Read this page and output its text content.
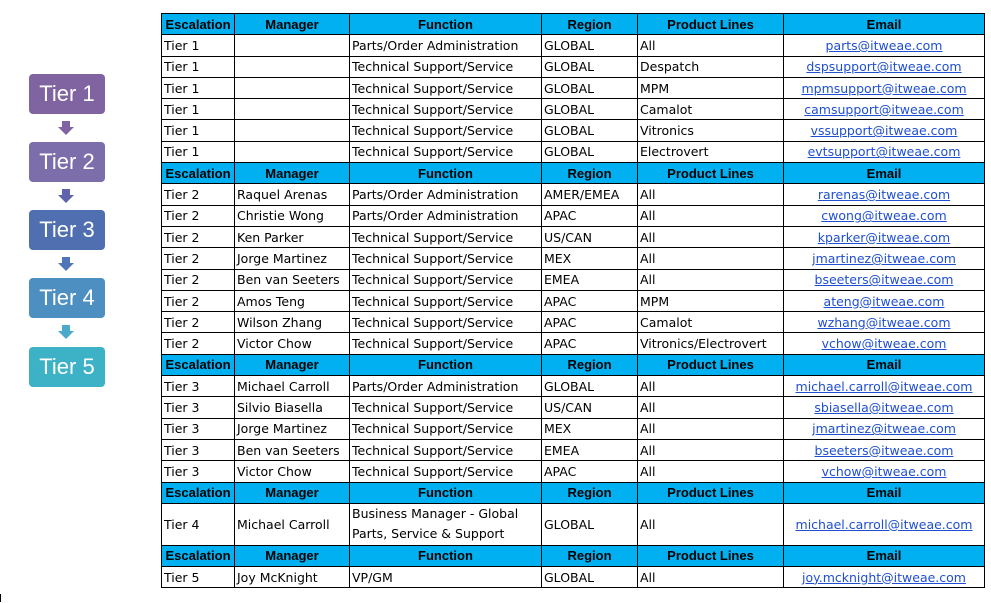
Tier 1
Tier 2
Tier 3
Tier 4
Tier 5
Escalation	Manager	Function	Region	Product Lines	Email
Tier 1		Parts/Order Administration	GLOBAL	All	parts@itweae.com
Tier 1		Technical Support/Service	GLOBAL	Despatch	dspsupport@itweae.com
Tier 1		Technical Support/Service	GLOBAL	MPM	mpmsupport@itweae.com
Tier 1		Technical Support/Service	GLOBAL	Camalot	camsupport@itweae.com
Tier 1		Technical Support/Service	GLOBAL	Vitronics	vssupport@itweae.com
Tier 1		Technical Support/Service	GLOBAL	Electrovert	evtsupport@itweae.com
Escalation	Manager	Function	Region	Product Lines	Email
Tier 2	Raquel Arenas	Parts/Order Administration	AMER/EMEA	All	rarenas@itweae.com
Tier 2	Christie Wong	Parts/Order Administration	APAC	All	cwong@itweae.com
Tier 2	Ken Parker	Technical Support/Service	US/CAN	All	kparker@itweae.com
Tier 2	Jorge Martinez	Technical Support/Service	MEX	All	jmartinez@itweae.com
Tier 2	Ben van Seeters	Technical Support/Service	EMEA	All	bseeters@itweae.com
Tier 2	Amos Teng	Technical Support/Service	APAC	MPM	ateng@itweae.com
Tier 2	Wilson Zhang	Technical Support/Service	APAC	Camalot	wzhang@itweae.com
Tier 2	Victor Chow	Technical Support/Service	APAC	Vitronics/Electrovert	vchow@itweae.com
Escalation	Manager	Function	Region	Product Lines	Email
Tier 3	Michael Carroll	Parts/Order Administration	GLOBAL	All	michael.carroll@itweae.com
Tier 3	Silvio Biasella	Technical Support/Service	US/CAN	All	sbiasella@itweae.com
Tier 3	Jorge Martinez	Technical Support/Service	MEX	All	jmartinez@itweae.com
Tier 3	Ben van Seeters	Technical Support/Service	EMEA	All	bseeters@itweae.com
Tier 3	Victor Chow	Technical Support/Service	APAC	All	vchow@itweae.com
Escalation	Manager	Function	Region	Product Lines	Email
Tier 4	Michael Carroll	Business Manager - Global Parts, Service & Support	GLOBAL	All	michael.carroll@itweae.com
Escalation	Manager	Function	Region	Product Lines	Email
Tier 5	Joy McKnight	VP/GM	GLOBAL	All	joy.mcknight@itweae.com
